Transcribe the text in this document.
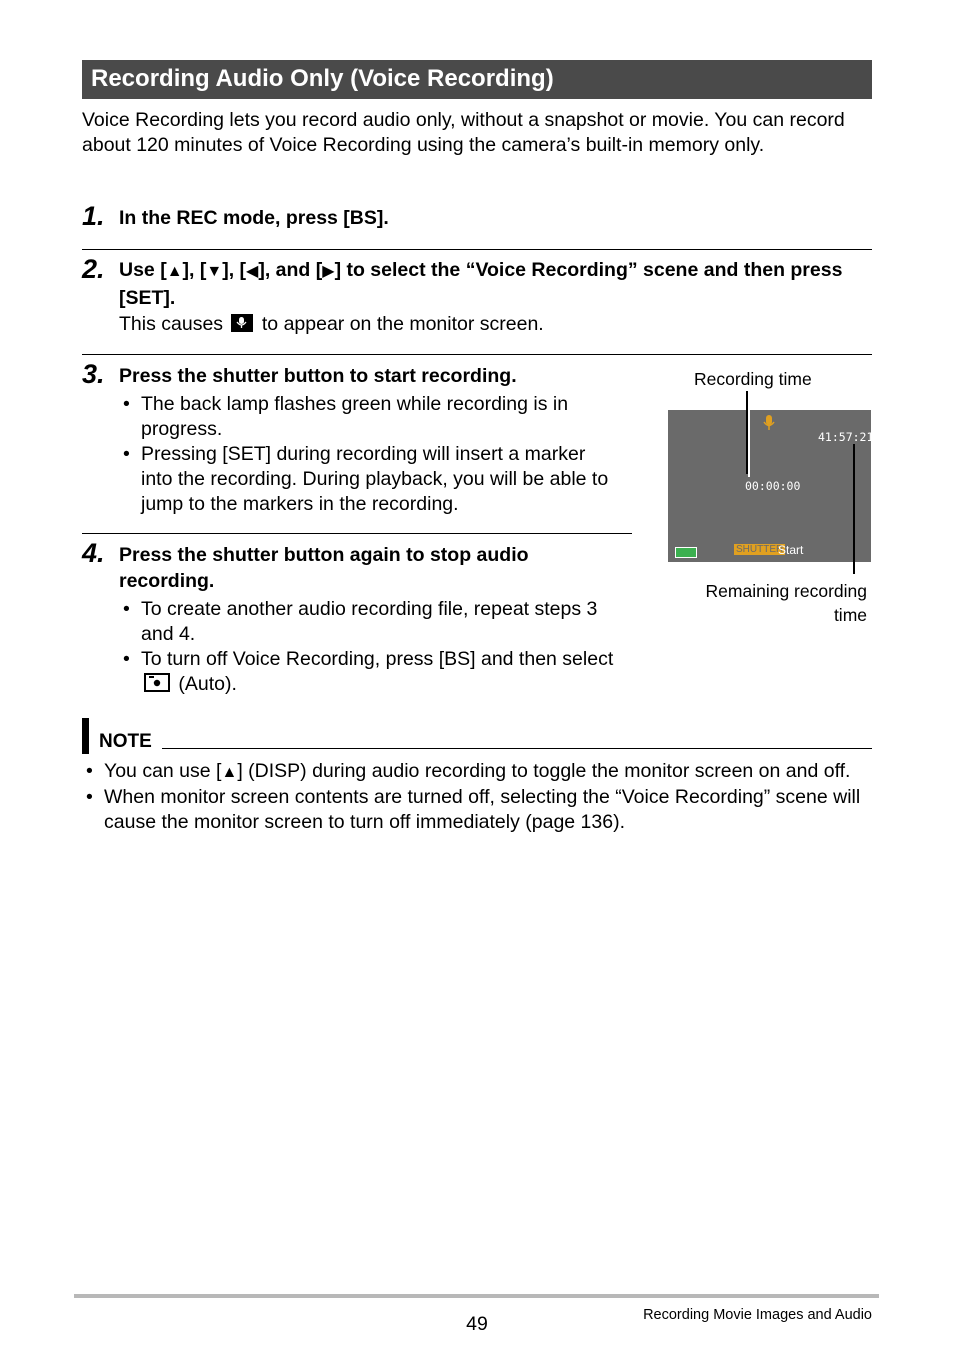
Recording Audio Only (Voice Recording)
Voice Recording lets you record audio only, without a snapshot or movie. You can record about 120 minutes of Voice Recording using the camera’s built-in memory only.
1. In the REC mode, press [BS].
2. Use [▲], [▼], [◀], and [▶] to select the “Voice Recording” scene and then press [SET].
This causes to appear on the monitor screen.
3. Press the shutter button to start recording.
• The back lamp flashes green while recording is in progress.
• Pressing [SET] during recording will insert a marker into the recording. During playback, you will be able to jump to the markers in the recording.
4. Press the shutter button again to stop audio recording.
• To create another audio recording file, repeat steps 3 and 4.
• To turn off Voice Recording, press [BS] and then select
(Auto).
Recording time
41:57:21
00:00:00
SHUTTER
Start
Remaining recording
time
NOTE
• You can use [▲] (DISP) during audio recording to toggle the monitor screen on and off.
• When monitor screen contents are turned off, selecting the “Voice Recording” scene will cause the monitor screen to turn off immediately (page 136).
49	Recording Movie Images and Audio
